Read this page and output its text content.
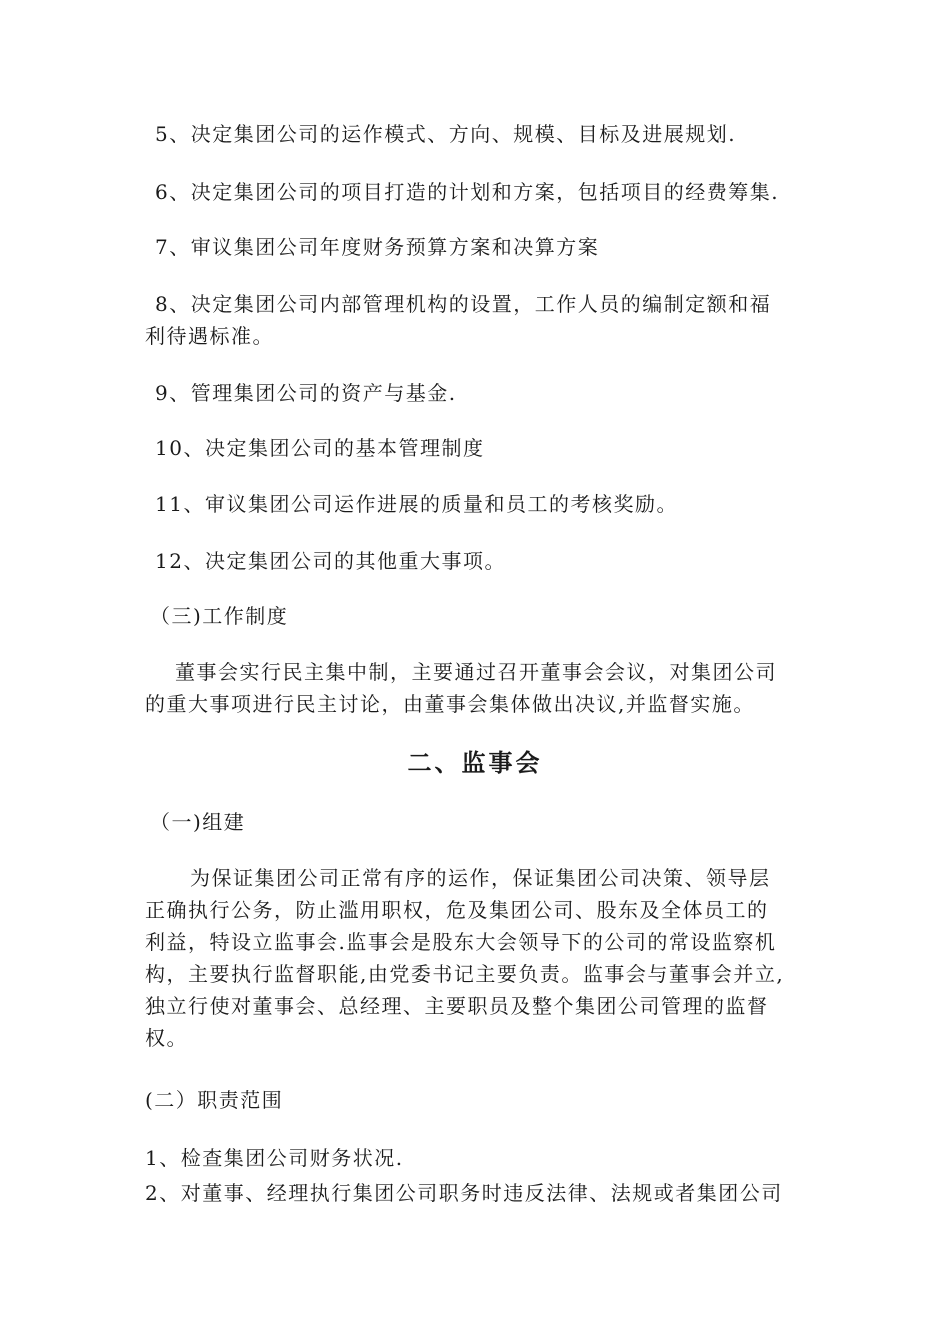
5、决定集团公司的运作模式、方向、规模、目标及进展规划.
6、决定集团公司的项目打造的计划和方案，包括项目的经费筹集.
7、审议集团公司年度财务预算方案和决算方案
8、决定集团公司内部管理机构的设置，工作人员的编制定额和福
利待遇标准。
9、管理集团公司的资产与基金.
10、决定集团公司的基本管理制度
11、审议集团公司运作进展的质量和员工的考核奖励。
12、决定集团公司的其他重大事项。
（三)工作制度
董事会实行民主集中制，主要通过召开董事会会议，对集团公司
的重大事项进行民主讨论，由董事会集体做出决议,并监督实施。
二、监事会
（一)组建
为保证集团公司正常有序的运作，保证集团公司决策、领导层
正确执行公务，防止滥用职权，危及集团公司、股东及全体员工的
利益，特设立监事会.监事会是股东大会领导下的公司的常设监察机
构，主要执行监督职能,由党委书记主要负责。监事会与董事会并立,
独立行使对董事会、总经理、主要职员及整个集团公司管理的监督
权。
(二）职责范围
1、检查集团公司财务状况.
2、对董事、经理执行集团公司职务时违反法律、法规或者集团公司
